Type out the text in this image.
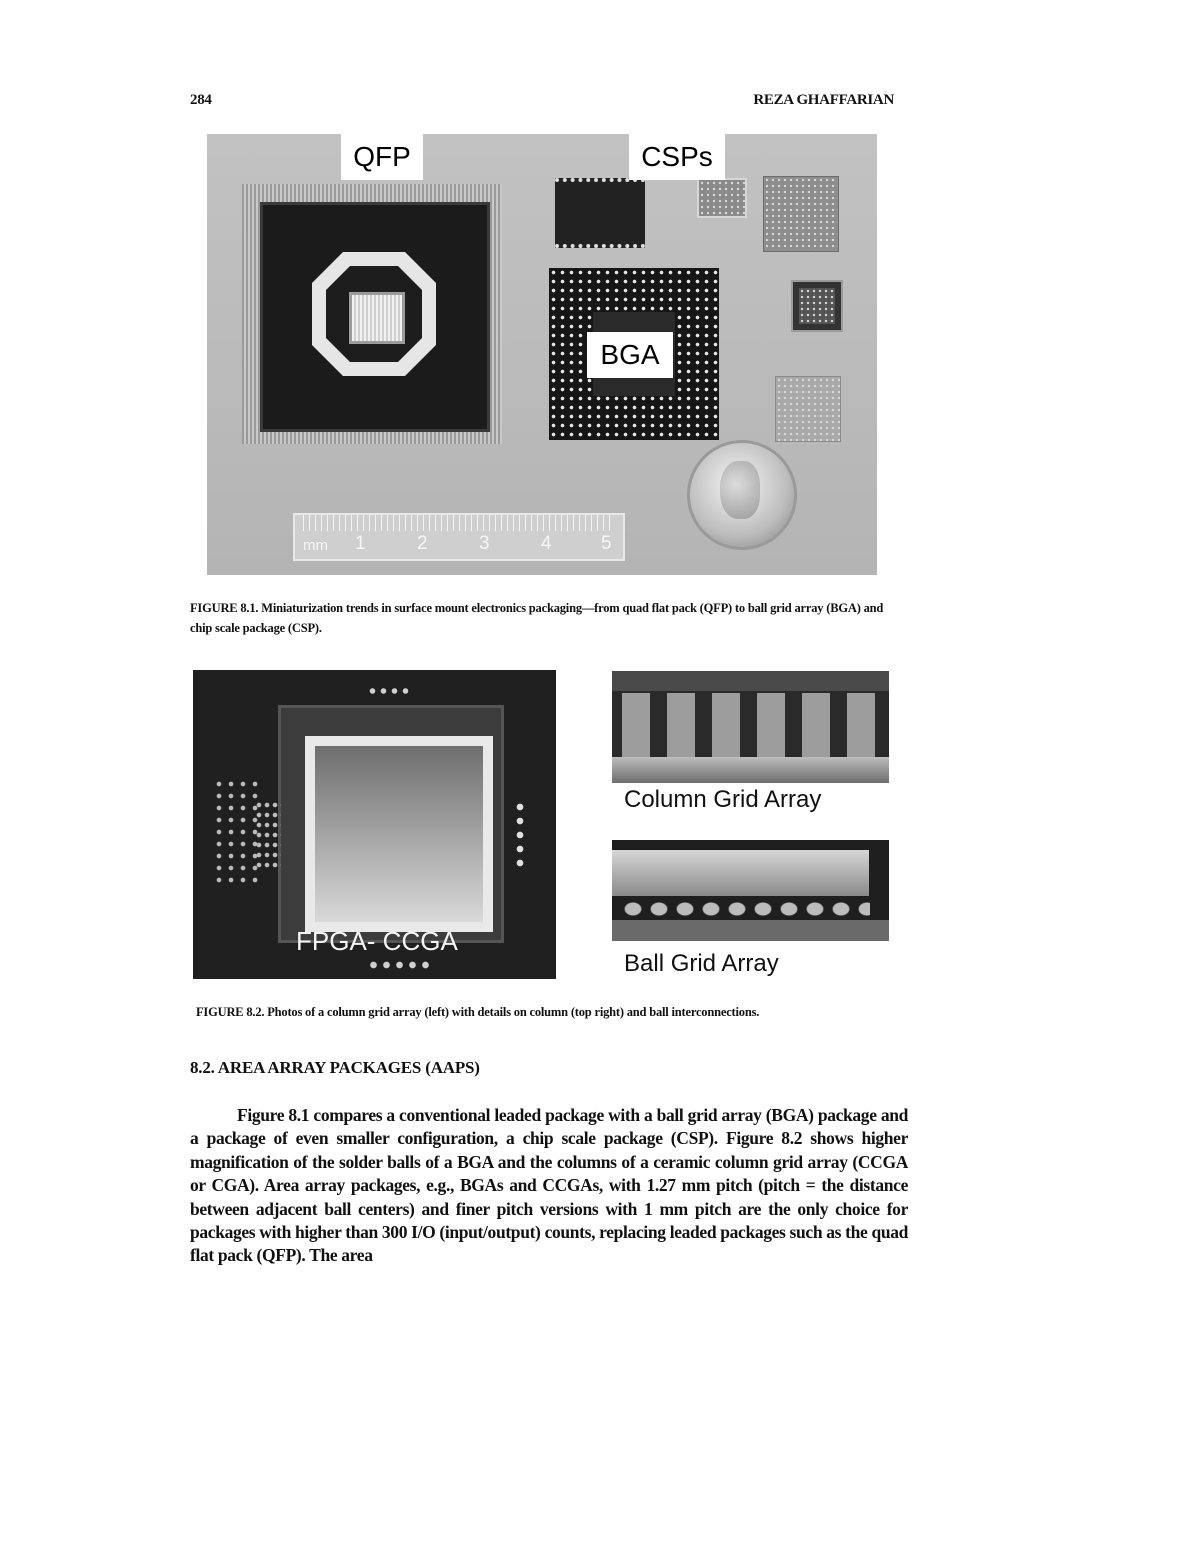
284	REZA GHAFFARIAN
QFP	CSPs
BGA
mm 1	2	3	4	5
FIGURE 8.1. Miniaturization trends in surface mount electronics packaging—from quad flat pack (QFP) to ball grid array (BGA) and chip scale package (CSP).
FPGA- CCGA
Column Grid Array
Ball Grid Array
FIGURE 8.2. Photos of a column grid array (left) with details on column (top right) and ball interconnections.
8.2. AREA ARRAY PACKAGES (AAPS)

Figure 8.1 compares a conventional leaded package with a ball grid array (BGA) package and a package of even smaller configuration, a chip scale package (CSP). Figure 8.2 shows higher magnification of the solder balls of a BGA and the columns of a ceramic column grid array (CCGA or CGA). Area array packages, e.g., BGAs and CCGAs, with 1.27 mm pitch (pitch = the distance between adjacent ball centers) and finer pitch versions with 1 mm pitch are the only choice for packages with higher than 300 I/O (input/output) counts, replacing leaded packages such as the quad flat pack (QFP). The area
